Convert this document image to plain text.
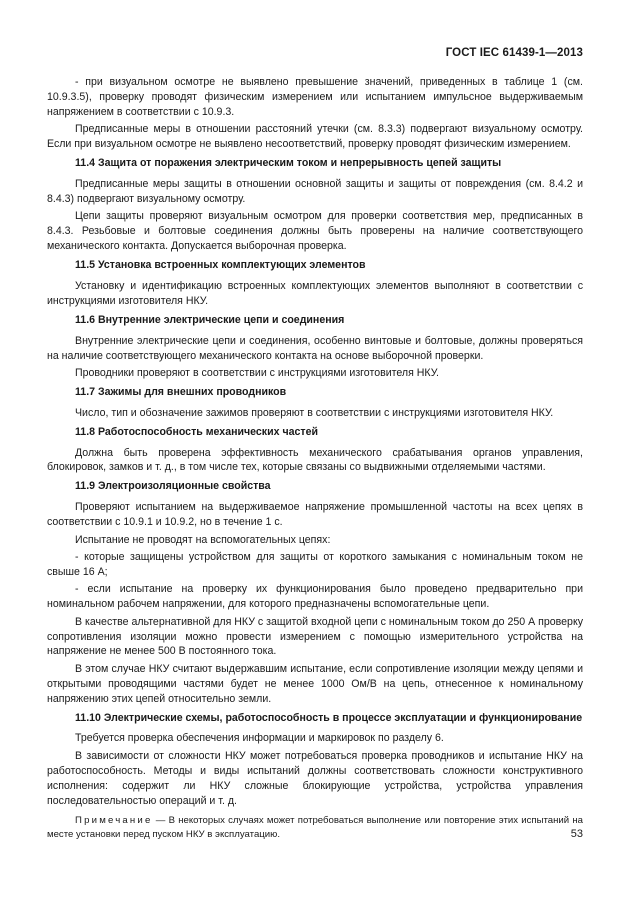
ГОСТ IEC 61439-1—2013

- при визуальном осмотре не выявлено превышение значений, приведенных в таблице 1 (см. 10.9.3.5), проверку проводят физическим измерением или испытанием импульсное выдерживаемым напряжением в соответствии с 10.9.3.

Предписанные меры в отношении расстояний утечки (см. 8.3.3) подвергают визуальному осмотру. Если при визуальном осмотре не выявлено несоответствий, проверку проводят физическим измерением.

11.4 Защита от поражения электрическим током и непрерывность цепей защиты

Предписанные меры защиты в отношении основной защиты и защиты от повреждения (см. 8.4.2 и 8.4.3) подвергают визуальному осмотру.

Цепи защиты проверяют визуальным осмотром для проверки соответствия мер, предписанных в 8.4.3. Резьбовые и болтовые соединения должны быть проверены на наличие соответствующего механического контакта. Допускается выборочная проверка.

11.5 Установка встроенных комплектующих элементов

Установку и идентификацию встроенных комплектующих элементов выполняют в соответствии с инструкциями изготовителя НКУ.

11.6 Внутренние электрические цепи и соединения

Внутренние электрические цепи и соединения, особенно винтовые и болтовые, должны проверяться на наличие соответствующего механического контакта на основе выборочной проверки.

Проводники проверяют в соответствии с инструкциями изготовителя НКУ.

11.7 Зажимы для внешних проводников

Число, тип и обозначение зажимов проверяют в соответствии с инструкциями изготовителя НКУ.

11.8 Работоспособность механических частей

Должна быть проверена эффективность механического срабатывания органов управления, блокировок, замков и т. д., в том числе тех, которые связаны со выдвижными отделяемыми частями.

11.9 Электроизоляционные свойства

Проверяют испытанием на выдерживаемое напряжение промышленной частоты на всех цепях в соответствии с 10.9.1 и 10.9.2, но в течение 1 с.

Испытание не проводят на вспомогательных цепях:

- которые защищены устройством для защиты от короткого замыкания с номинальным током не свыше 16 А;

- если испытание на проверку их функционирования было проведено предварительно при номинальном рабочем напряжении, для которого предназначены вспомогательные цепи.

В качестве альтернативной для НКУ с защитой входной цепи с номинальным током до 250 А проверку сопротивления изоляции можно провести измерением с помощью измерительного устройства на напряжение не менее 500 В постоянного тока.

В этом случае НКУ считают выдержавшим испытание, если сопротивление изоляции между цепями и открытыми проводящими частями будет не менее 1000 Ом/В на цепь, отнесенное к номинальному напряжению этих цепей относительно земли.

11.10 Электрические схемы, работоспособность в процессе эксплуатации и функционирование

Требуется проверка обеспечения информации и маркировок по разделу 6.

В зависимости от сложности НКУ может потребоваться проверка проводников и испытание НКУ на работоспособность. Методы и виды испытаний должны соответствовать сложности конструктивного исполнения: содержит ли НКУ сложные блокирующие устройства, устройства управления последовательностью операций и т. д.

Примечание — В некоторых случаях может потребоваться выполнение или повторение этих испытаний на месте установки перед пуском НКУ в эксплуатацию.	53
